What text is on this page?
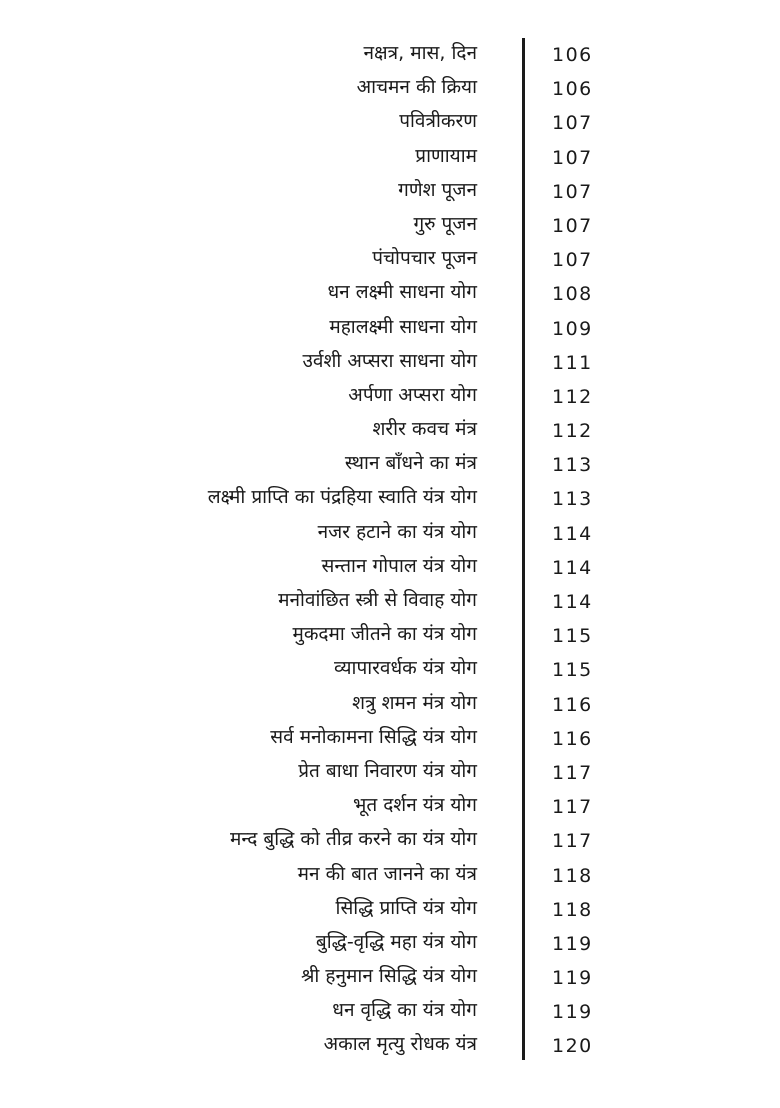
नक्षत्र, मास, दिन	106
आचमन की क्रिया	106
पवित्रीकरण	107
प्राणायाम	107
गणेश पूजन	107
गुरु पूजन	107
पंचोपचार पूजन	107
धन लक्ष्मी साधना योग	108
महालक्ष्मी साधना योग	109
उर्वशी अप्सरा साधना योग	111
अर्पणा अप्सरा योग	112
शरीर कवच मंत्र	112
स्थान बाँधने का मंत्र	113
लक्ष्मी प्राप्ति का पंद्रहिया स्वाति यंत्र योग	113
नजर हटाने का यंत्र योग	114
सन्तान गोपाल यंत्र योग	114
मनोवांछित स्त्री से विवाह योग	114
मुकदमा जीतने का यंत्र योग	115
व्यापारवर्धक यंत्र योग	115
शत्रु शमन मंत्र योग	116
सर्व मनोकामना सिद्धि यंत्र योग	116
प्रेत बाधा निवारण यंत्र योग	117
भूत दर्शन यंत्र योग	117
मन्द बुद्धि को तीव्र करने का यंत्र योग	117
मन की बात जानने का यंत्र	118
सिद्धि प्राप्ति यंत्र योग	118
बुद्धि-वृद्धि महा यंत्र योग	119
श्री हनुमान सिद्धि यंत्र योग	119
धन वृद्धि का यंत्र योग	119
अकाल मृत्यु रोधक यंत्र	120
